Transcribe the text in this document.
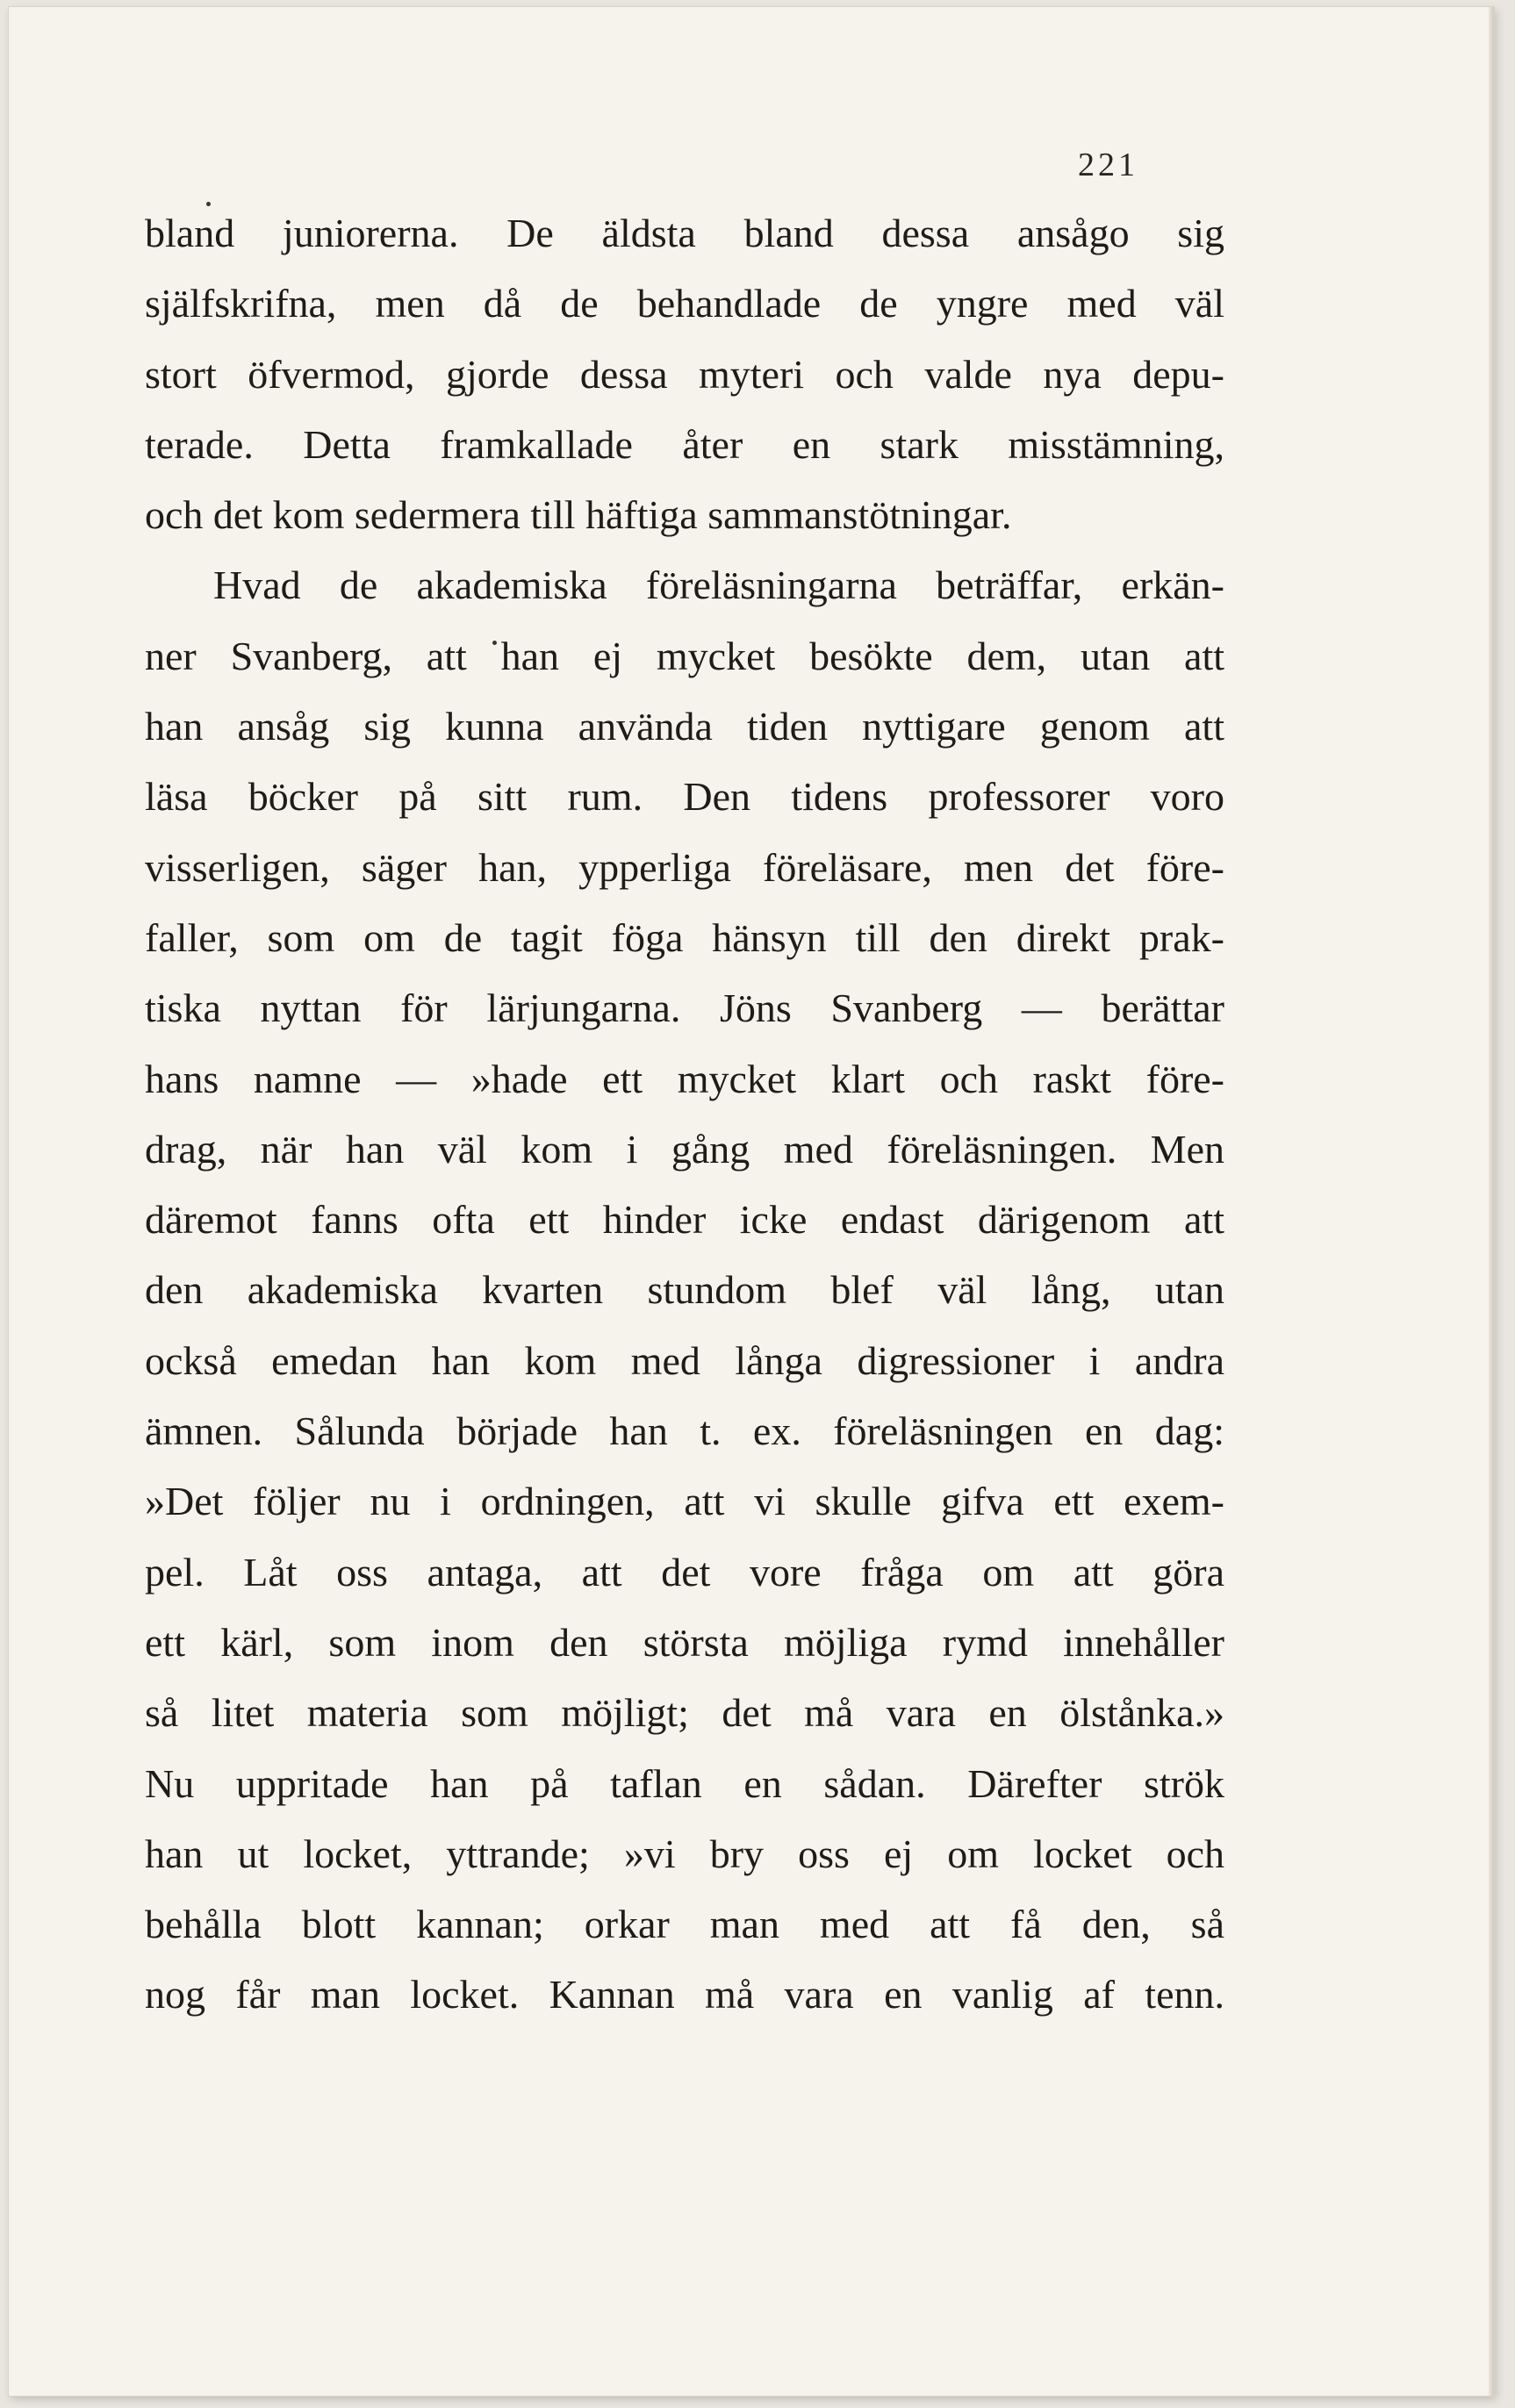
221
bland juniorerna. De äldsta bland dessa ansågo sig
själfskrifna, men då de behandlade de yngre med väl
stort öfvermod, gjorde dessa myteri och valde nya depu-
terade. Detta framkallade åter en stark misstämning,
och det kom sedermera till häftiga sammanstötningar.
Hvad de akademiska föreläsningarna beträffar, erkän-
ner Svanberg, att han ej mycket besökte dem, utan att
han ansåg sig kunna använda tiden nyttigare genom att
läsa böcker på sitt rum. Den tidens professorer voro
visserligen, säger han, ypperliga föreläsare, men det före-
faller, som om de tagit föga hänsyn till den direkt prak-
tiska nyttan för lärjungarna. Jöns Svanberg — berättar
hans namne — »hade ett mycket klart och raskt före-
drag, när han väl kom i gång med föreläsningen. Men
däremot fanns ofta ett hinder icke endast därigenom att
den akademiska kvarten stundom blef väl lång, utan
också emedan han kom med långa digressioner i andra
ämnen. Sålunda började han t. ex. föreläsningen en dag:
»Det följer nu i ordningen, att vi skulle gifva ett exem-
pel. Låt oss antaga, att det vore fråga om att göra
ett kärl, som inom den största möjliga rymd innehåller
så litet materia som möjligt; det må vara en ölstånka.»
Nu uppritade han på taflan en sådan. Därefter strök
han ut locket, yttrande; »vi bry oss ej om locket och
behålla blott kannan; orkar man med att få den, så
nog får man locket. Kannan må vara en vanlig af tenn.
